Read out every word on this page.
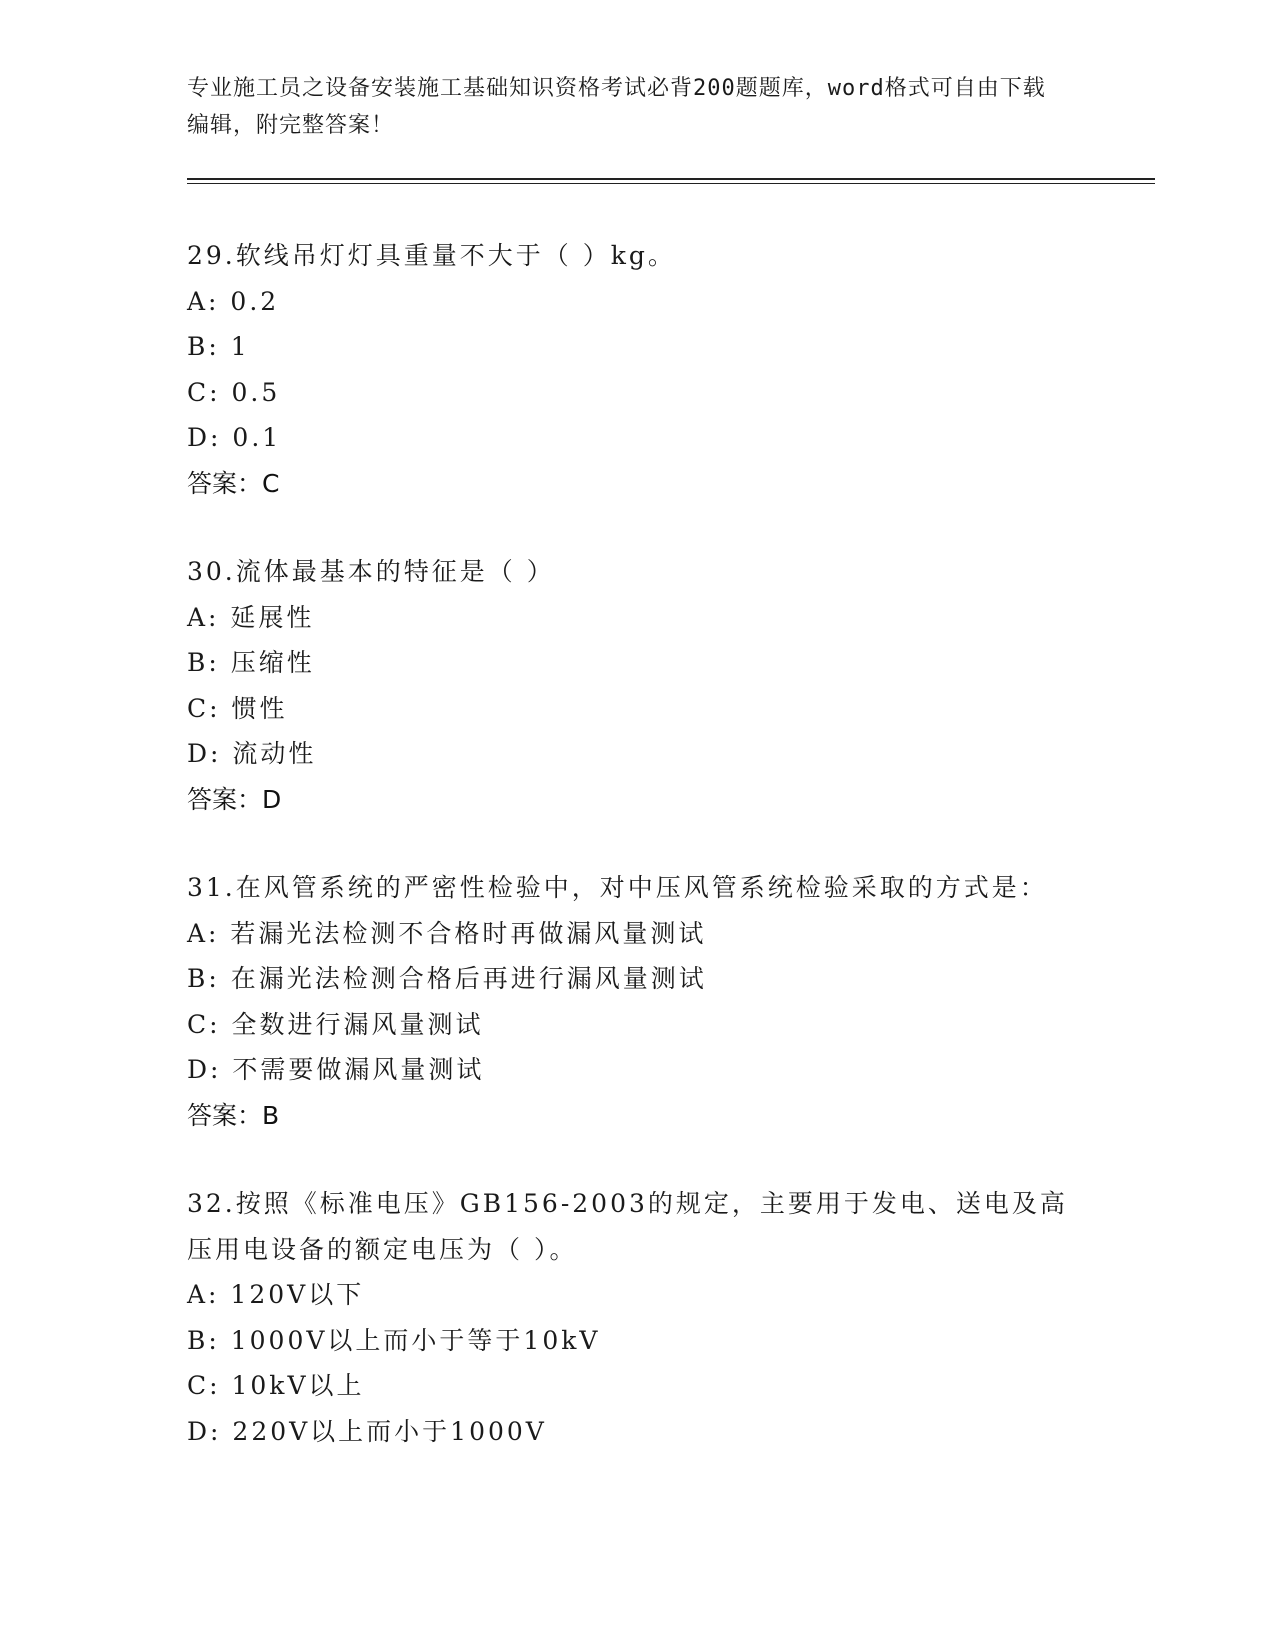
专业施工员之设备安装施工基础知识资格考试必背200题题库，word格式可自由下载编辑，附完整答案！
29.软线吊灯灯具重量不大于（ ）kg。
A: 0.2
B: 1
C: 0.5
D: 0.1
答案：C
30.流体最基本的特征是（ ）
A: 延展性
B: 压缩性
C: 惯性
D: 流动性
答案：D
31.在风管系统的严密性检验中，对中压风管系统检验采取的方式是：
A: 若漏光法检测不合格时再做漏风量测试
B: 在漏光法检测合格后再进行漏风量测试
C: 全数进行漏风量测试
D: 不需要做漏风量测试
答案：B
32.按照《标准电压》GB156-2003的规定，主要用于发电、送电及高压用电设备的额定电压为（ ）。
A: 120V以下
B: 1000V以上而小于等于10kV
C: 10kV以上
D: 220V以上而小于1000V
